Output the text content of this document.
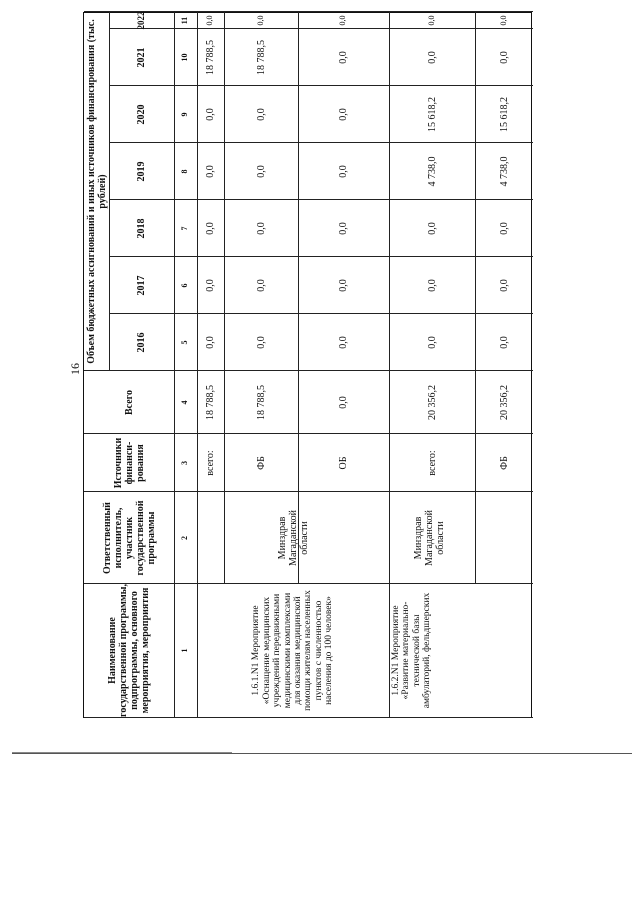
16
Наименование государственной программы, подпрограммы, основного мероприятия, мероприятия
Ответственный исполнитель, участник государственной программы
Источники финанси-рования
Всего
Объем бюджетных ассигнований и иных источников финансирования (тыс. рублей)
2016
2017
2018
2019
2020
2021
2022
1
2
3
4
5
6
7
8
9
10
11
1.6.1.N1 Мероприятие «Оснащение медицинских учреждений передвижными медицинскими комплексами для оказания медицинской помощи жителям населенных пунктов с численностью населения до 100 человек»
Минздрав Магаданской области
всего:
18 788,5
0,0
0,0
0,0
0,0
0,0
18 788,5
0,0
ФБ
18 788,5
0,0
0,0
0,0
0,0
0,0
18 788,5
0,0
ОБ
0,0
0,0
0,0
0,0
0,0
0,0
0,0
0,0
1.6.2.N1 Мероприятие «Развитие материально-технической базы амбулаторий, фельдшерских
Минздрав Магаданской области
всего:
20 356,2
0,0
0,0
0,0
4 738,0
15 618,2
0,0
0,0
ФБ
20 356,2
0,0
0,0
0,0
4 738,0
15 618,2
0,0
0,0
